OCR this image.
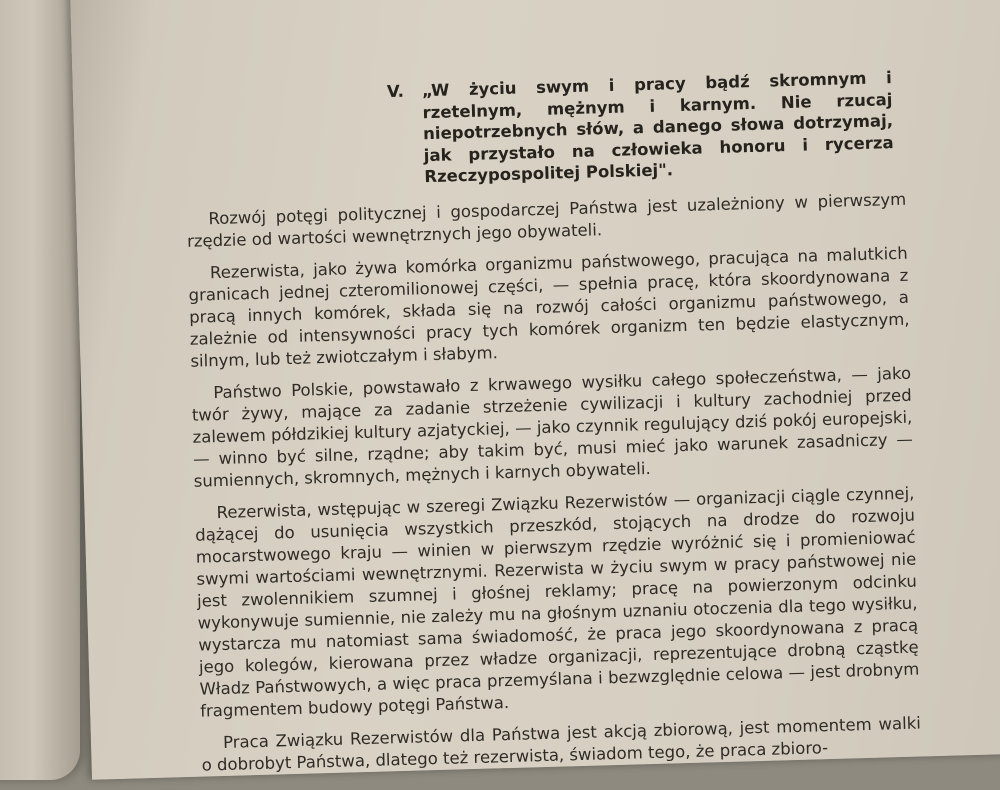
V. „W życiu swym i pracy bądź skromnym i rzetelnym, mężnym i karnym. Nie rzucaj niepotrzebnych słów, a danego słowa dotrzymaj, jak przystało na człowieka honoru i rycerza Rzeczypospolitej Polskiej".

Rozwój potęgi politycznej i gospodarczej Państwa jest uzależniony w pierwszym rzędzie od wartości wewnętrznych jego obywateli.

Rezerwista, jako żywa komórka organizmu państwowego, pracująca na malutkich granicach jednej czteromilionowej części, — spełnia pracę, która skoordynowana z pracą innych komórek, składa się na rozwój całości organizmu państwowego, a zależnie od intensywności pracy tych komórek organizm ten będzie elastycznym, silnym, lub też zwiotczałym i słabym.

Państwo Polskie, powstawało z krwawego wysiłku całego społeczeństwa, — jako twór żywy, mające za zadanie strzeżenie cywilizacji i kultury zachodniej przed zalewem półdzikiej kultury azjatyckiej, — jako czynnik regulujący dziś pokój europejski, — winno być silne, rządne; aby takim być, musi mieć jako warunek zasadniczy — sumiennych, skromnych, mężnych i karnych obywateli.

Rezerwista, wstępując w szeregi Związku Rezerwistów — organizacji ciągle czynnej, dążącej do usunięcia wszystkich przeszkód, stojących na drodze do rozwoju mocarstwowego kraju — winien w pierwszym rzędzie wyróżnić się i promieniować swymi wartościami wewnętrznymi. Rezerwista w życiu swym w pracy państwowej nie jest zwolennikiem szumnej i głośnej reklamy; pracę na powierzonym odcinku wykonywuje sumiennie, nie zależy mu na głośnym uznaniu otoczenia dla tego wysiłku, wystarcza mu natomiast sama świadomość, że praca jego skoordynowana z pracą jego kolegów, kierowana przez władze organizacji, reprezentujące drobną cząstkę Władz Państwowych, a więc praca przemyślana i bezwzględnie celowa — jest drobnym fragmentem budowy potęgi Państwa.

Praca Związku Rezerwistów dla Państwa jest akcją zbiorową, jest momentem walki o dobrobyt Państwa, dlatego też rezerwista, świadom tego, że praca zbioro-
